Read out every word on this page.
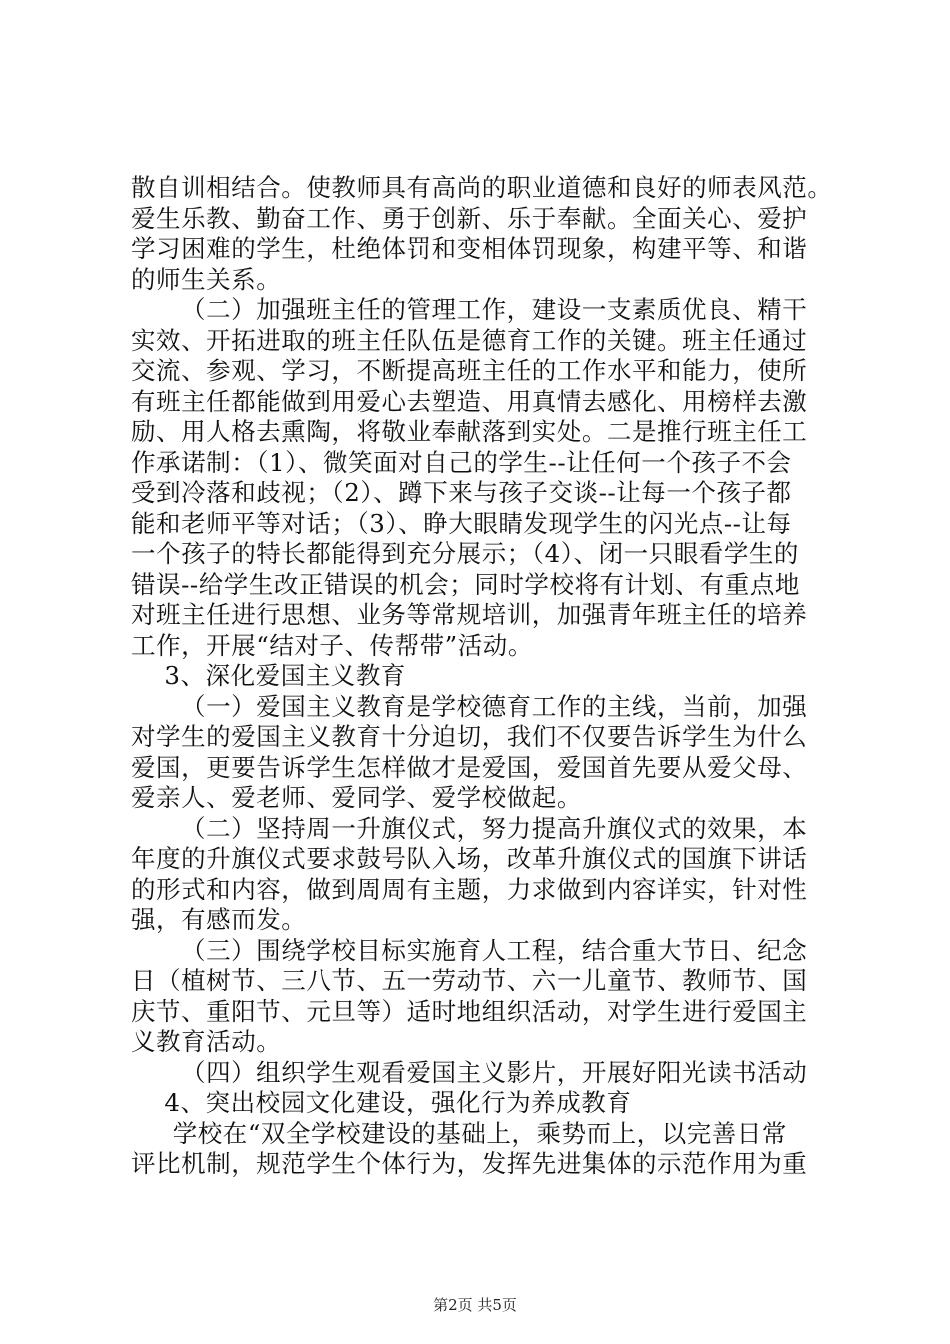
散自训相结合。使教师具有高尚的职业道德和良好的师表风范。
爱生乐教、勤奋工作、勇于创新、乐于奉献。全面关心、爱护
学习困难的学生，杜绝体罚和变相体罚现象，构建平等、和谐
的师生关系。
（二）加强班主任的管理工作，建设一支素质优良、精干
实效、开拓进取的班主任队伍是德育工作的关键。班主任通过
交流、参观、学习，不断提高班主任的工作水平和能力，使所
有班主任都能做到用爱心去塑造、用真情去感化、用榜样去激
励、用人格去熏陶，将敬业奉献落到实处。二是推行班主任工
作承诺制：（1）、微笑面对自己的学生--让任何一个孩子不会
受到冷落和歧视；（2）、蹲下来与孩子交谈--让每一个孩子都
能和老师平等对话；（3）、睁大眼睛发现学生的闪光点--让每
一个孩子的特长都能得到充分展示；（4）、闭一只眼看学生的
错误--给学生改正错误的机会；同时学校将有计划、有重点地
对班主任进行思想、业务等常规培训，加强青年班主任的培养
工作，开展“结对子、传帮带”活动。
3、深化爱国主义教育
（一）爱国主义教育是学校德育工作的主线，当前，加强
对学生的爱国主义教育十分迫切，我们不仅要告诉学生为什么
爱国，更要告诉学生怎样做才是爱国，爱国首先要从爱父母、
爱亲人、爱老师、爱同学、爱学校做起。
（二）坚持周一升旗仪式，努力提高升旗仪式的效果，本
年度的升旗仪式要求鼓号队入场，改革升旗仪式的国旗下讲话
的形式和内容，做到周周有主题，力求做到内容详实，针对性
强，有感而发。
（三）围绕学校目标实施育人工程，结合重大节日、纪念
日（植树节、三八节、五一劳动节、六一儿童节、教师节、国
庆节、重阳节、元旦等）适时地组织活动，对学生进行爱国主
义教育活动。
（四）组织学生观看爱国主义影片，开展好阳光读书活动
4、突出校园文化建设，强化行为养成教育
学校在“双全学校建设的基础上，乘势而上，以完善日常
评比机制，规范学生个体行为，发挥先进集体的示范作用为重
第2页 共5页
